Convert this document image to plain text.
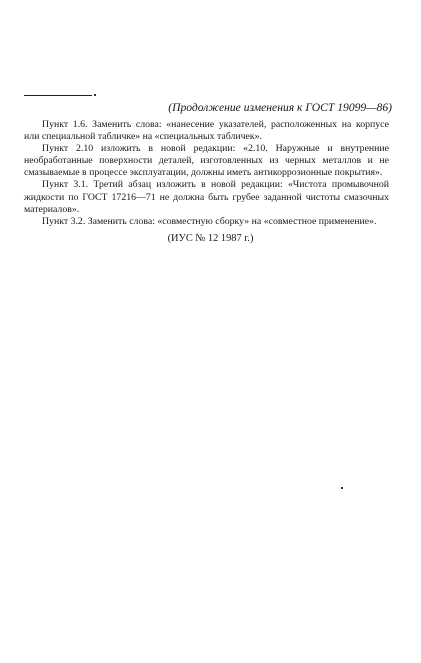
(Продолжение изменения к ГОСТ 19099—86)

Пункт 1.6. Заменить слова: «нанесение указателей, расположенных на корпусе или специальной табличке» на «специальных табличек».

Пункт 2.10 изложить в новой редакции: «2.10. Наружные и внутренние необработанные поверхности деталей, изготовленных из черных металлов и не смазываемые в процессе эксплуатации, должны иметь антикоррозионные покрытия».

Пункт 3.1. Третий абзац изложить в новой редакции: «Чистота промывочной жидкости по ГОСТ 17216—71 не должна быть грубее заданной чистоты смазочных материалов».

Пункт 3.2. Заменить слова: «совместную сборку» на «совместное применение».

(ИУС № 12 1987 г.)
